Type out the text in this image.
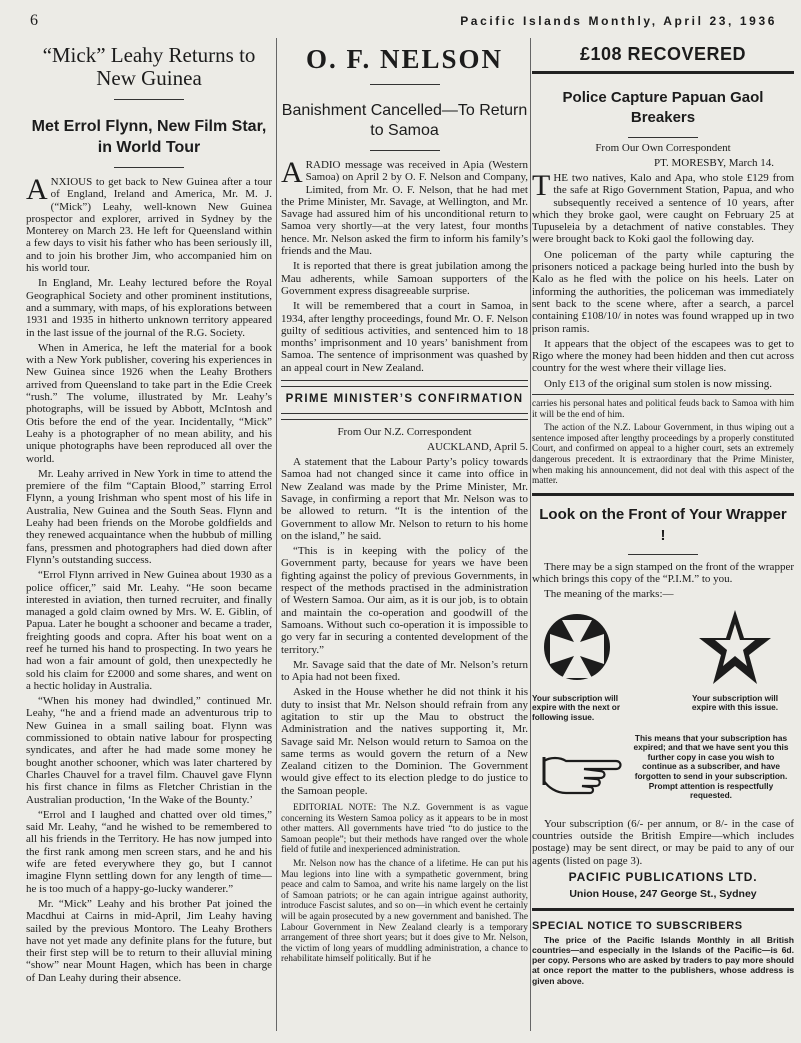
6	Pacific Islands Monthly, April 23, 1936
“Mick” Leahy Returns to New Guinea
Met Errol Flynn, New Film Star, in World Tour

ANXIOUS to get back to New Guinea after a tour of England, Ireland and America, Mr. M. J. (“Mick”) Leahy, well-known New Guinea prospector and explorer, arrived in Sydney by the Monterey on March 23. He left for Queensland within a few days to visit his father who has been seriously ill, and to join his brother Jim, who accompanied him on his world tour.

In England, Mr. Leahy lectured before the Royal Geographical Society and other prominent institutions, and a summary, with maps, of his explorations between 1931 and 1935 in hitherto unknown territory appeared in the last issue of the journal of the R.G. Society.

When in America, he left the material for a book with a New York publisher, covering his experiences in New Guinea since 1926 when the Leahy Brothers arrived from Queensland to take part in the Edie Creek “rush.” The volume, illustrated by Mr. Leahy’s photographs, will be issued by Abbott, McIntosh and Otis before the end of the year. Incidentally, “Mick” Leahy is a photographer of no mean ability, and his unique photographs have been reproduced all over the world.

Mr. Leahy arrived in New York in time to attend the premiere of the film “Captain Blood,” starring Errol Flynn, a young Irishman who spent most of his life in Australia, New Guinea and the South Seas. Flynn and Leahy had been friends on the Morobe goldfields and they renewed acquaintance when the hubbub of milling fans, pressmen and photographers had died down after Flynn’s outstanding success.

“Errol Flynn arrived in New Guinea about 1930 as a police officer,” said Mr. Leahy. “He soon became interested in aviation, then turned recruiter, and finally managed a gold claim owned by Mrs. W. E. Giblin, of Papua. Later he bought a schooner and became a trader, freighting goods and copra. After his boat went on a reef he turned his hand to prospecting. In two years he had won a fair amount of gold, then unexpectedly he sold his claim for £2000 and some shares, and went on a hectic holiday in Australia.

“When his money had dwindled,” continued Mr. Leahy, “he and a friend made an adventurous trip to New Guinea in a small sailing boat. Flynn was commissioned to obtain native labour for prospecting syndicates, and after he had made some money he bought another schooner, which was later chartered by Charles Chauvel for a travel film. Chauvel gave Flynn his first chance in films as Fletcher Christian in the Australian production, ‘In the Wake of the Bounty.’

“Errol and I laughed and chatted over old times,” said Mr. Leahy, “and he wished to be remembered to all his friends in the Territory. He has now jumped into the first rank among men screen stars, and he and his wife are feted everywhere they go, but I cannot imagine Flynn settling down for any length of time—he is too much of a happy-go-lucky wanderer.”

Mr. “Mick” Leahy and his brother Pat joined the Macdhui at Cairns in mid-April, Jim Leahy having sailed by the previous Montoro. The Leahy Brothers have not yet made any definite plans for the future, but their first step will be to return to their alluvial mining “show” near Mount Hagen, which has been in charge of Dan Leahy during their absence.

O. F. NELSON
Banishment Cancelled—To Return to Samoa

A RADIO message was received in Apia (Western Samoa) on April 2 by O. F. Nelson and Company, Limited, from Mr. O. F. Nelson, that he had met the Prime Minister, Mr. Savage, at Wellington, and Mr. Savage had assured him of his unconditional return to Samoa very shortly—at the very latest, four months hence. Mr. Nelson asked the firm to inform his family’s friends and the Mau.

It is reported that there is great jubilation among the Mau adherents, while Samoan supporters of the Government express disagreeable surprise.

It will be remembered that a court in Samoa, in 1934, after lengthy proceedings, found Mr. O. F. Nelson guilty of seditious activities, and sentenced him to 18 months’ imprisonment and 10 years’ banishment from Samoa. The sentence of imprisonment was quashed by an appeal court in New Zealand.

PRIME MINISTER’S CONFIRMATION
From Our N.Z. Correspondent
AUCKLAND, April 5.

A statement that the Labour Party’s policy towards Samoa had not changed since it came into office in New Zealand was made by the Prime Minister, Mr. Savage, in confirming a report that Mr. Nelson was to be allowed to return. “It is the intention of the Government to allow Mr. Nelson to return to his home on the island,” he said.

“This is in keeping with the policy of the Government party, because for years we have been fighting against the policy of previous Governments, in respect of the methods practised in the administration of Western Samoa. Our aim, as it is our job, is to obtain and maintain the co-operation and goodwill of the Samoans. Without such co-operation it is impossible to go very far in securing a contented development of the territory.”

Mr. Savage said that the date of Mr. Nelson’s return to Apia had not been fixed.

Asked in the House whether he did not think it his duty to insist that Mr. Nelson should refrain from any agitation to stir up the Mau to obstruct the Administration and the natives supporting it, Mr. Savage said Mr. Nelson would return to Samoa on the same terms as would govern the return of a New Zealand citizen to the Dominion. The Government would give effect to its election pledge to do justice to the Samoan people.

EDITORIAL NOTE: The N.Z. Government is as vague concerning its Western Samoa policy as it appears to be in most other matters. All governments have tried “to do justice to the Samoan people”; but their methods have ranged over the whole field of futile and inexperienced administration.

Mr. Nelson now has the chance of a lifetime. He can put his Mau legions into line with a sympathetic government, bring peace and calm to Samoa, and write his name largely on the list of Samoan patriots; or he can again intrigue against authority, introduce Fascist salutes, and so on—in which event he certainly will be again prosecuted by a new government and banished. The Labour Government in New Zealand clearly is a temporary arrangement of three short years; but it does give to Mr. Nelson, the victim of long years of muddling administration, a chance to rehabilitate himself politically. But if he

£108 RECOVERED
Police Capture Papuan Gaol Breakers
From Our Own Correspondent
PT. MORESBY, March 14.

THE two natives, Kalo and Apa, who stole £129 from the safe at Rigo Government Station, Papua, and who subsequently received a sentence of 10 years, after which they broke gaol, were caught on February 25 at Tupuseleia by a detachment of native constables. They were brought back to Koki gaol the following day.

One policeman of the party while capturing the prisoners noticed a package being hurled into the bush by Kalo as he fled with the police on his heels. Later on informing the authorities, the policeman was immediately sent back to the scene where, after a search, a parcel containing £108/10/ in notes was found wrapped up in two prison ramis.

It appears that the object of the escapees was to get to Rigo where the money had been hidden and then cut across country for the west where their village lies.

Only £13 of the original sum stolen is now missing.

carries his personal hates and political feuds back to Samoa with him it will be the end of him.

The action of the N.Z. Labour Government, in thus wiping out a sentence imposed after lengthy proceedings by a properly constituted Court, and confirmed on appeal to a higher court, sets an extremely dangerous precedent. It is extraordinary that the Prime Minister, when making his announcement, did not deal with this aspect of the matter.

Look on the Front of Your Wrapper !

There may be a sign stamped on the front of the wrapper which brings this copy of the “P.I.M.” to you.

The meaning of the marks:—

Your subscription will expire with the next or following issue.
Your subscription will expire with this issue.
This means that your subscription has expired; and that we have sent you this further copy in case you wish to continue as a subscriber, and have forgotten to send in your subscription. Prompt attention is respectfully requested.

Your subscription (6/- per annum, or 8/- in the case of countries outside the British Empire—which includes postage) may be sent direct, or may be paid to any of our agents (listed on page 3).

PACIFIC PUBLICATIONS LTD.
Union House, 247 George St., Sydney
SPECIAL NOTICE TO SUBSCRIBERS

The price of the Pacific Islands Monthly in all British countries—and especially in the Islands of the Pacific—is 6d. per copy. Persons who are asked by traders to pay more should at once report the matter to the publishers, whose address is given above.
